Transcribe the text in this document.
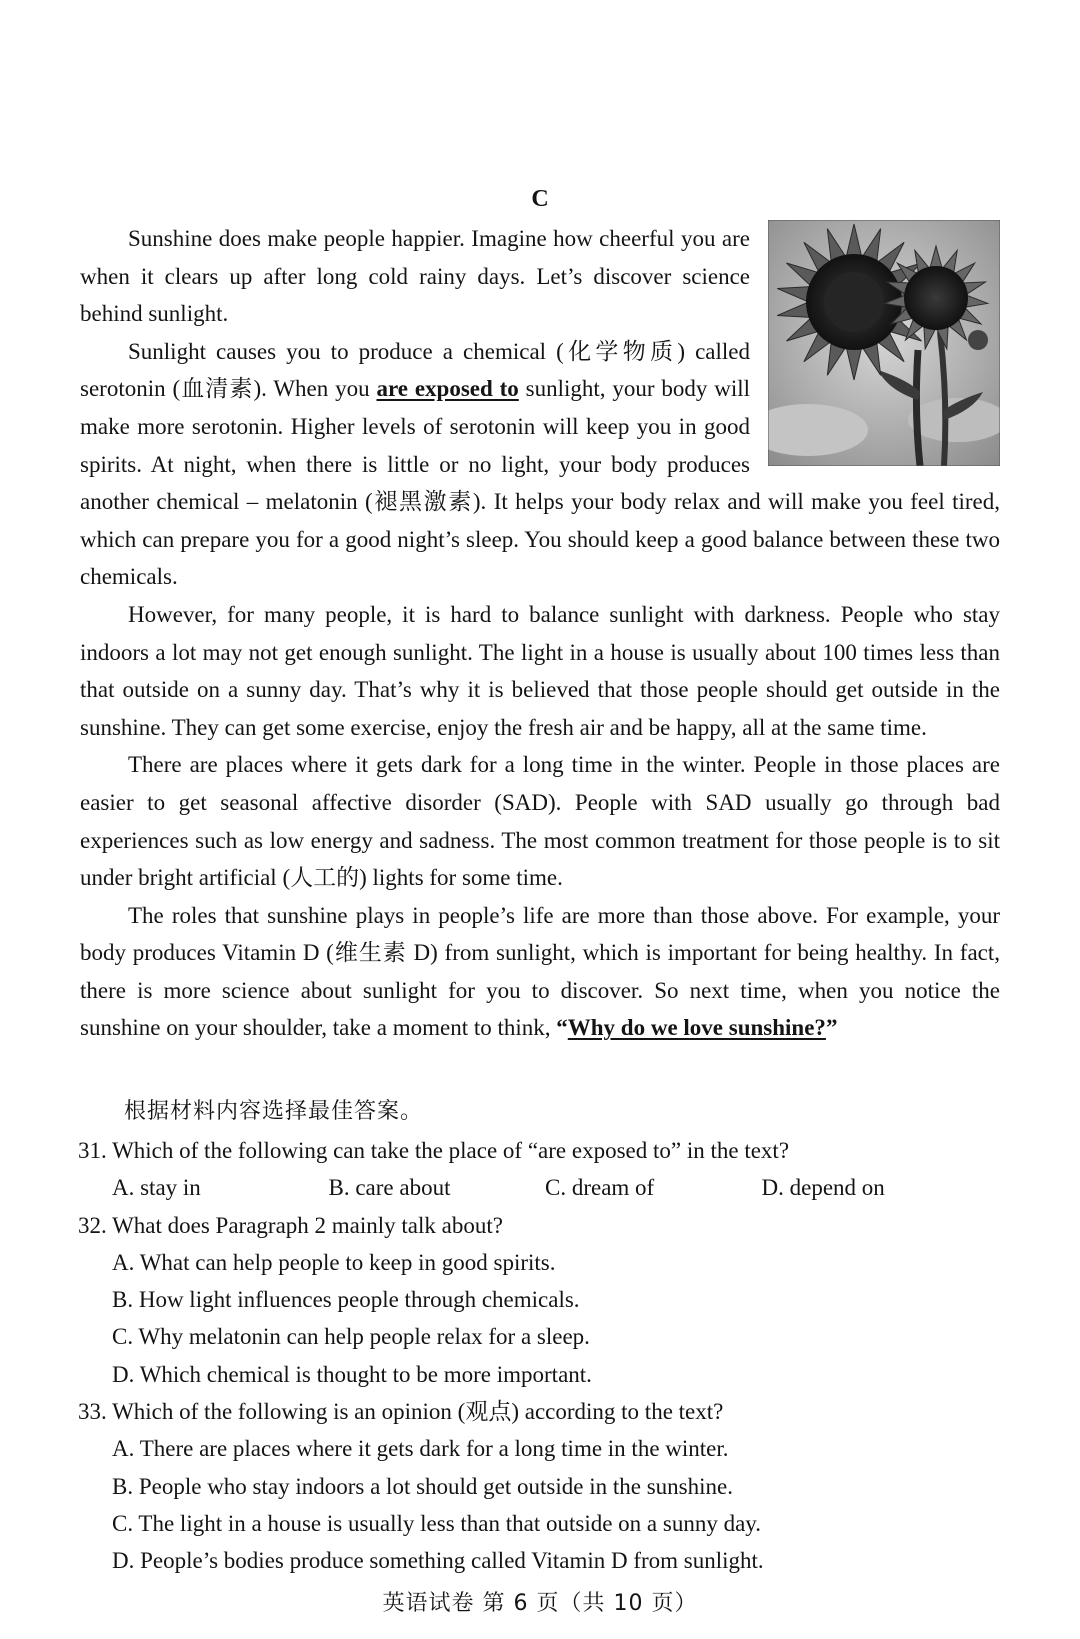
C

Sunshine does make people happier. Imagine how cheerful you are when it clears up after long cold rainy days. Let’s discover science behind sunlight.

Sunlight causes you to produce a chemical (化学物质) called serotonin (血清素). When you are exposed to sunlight, your body will make more serotonin. Higher levels of serotonin will keep you in good spirits. At night, when there is little or no light, your body produces another chemical – melatonin (褪黑激素). It helps your body relax and will make you feel tired, which can prepare you for a good night’s sleep. You should keep a good balance between these two chemicals.

However, for many people, it is hard to balance sunlight with darkness. People who stay indoors a lot may not get enough sunlight. The light in a house is usually about 100 times less than that outside on a sunny day. That’s why it is believed that those people should get outside in the sunshine. They can get some exercise, enjoy the fresh air and be happy, all at the same time.

There are places where it gets dark for a long time in the winter. People in those places are easier to get seasonal affective disorder (SAD). People with SAD usually go through bad experiences such as low energy and sadness. The most common treatment for those people is to sit under bright artificial (人工的) lights for some time.

The roles that sunshine plays in people’s life are more than those above. For example, your body produces Vitamin D (维生素 D) from sunlight, which is important for being healthy. In fact, there is more science about sunlight for you to discover. So next time, when you notice the sunshine on your shoulder, take a moment to think, “Why do we love sunshine?”

根据材料内容选择最佳答案。
31. Which of the following can take the place of “are exposed to” in the text?
A. stay in	B. care about	C. dream of	D. depend on
32. What does Paragraph 2 mainly talk about?
A. What can help people to keep in good spirits.
B. How light influences people through chemicals.
C. Why melatonin can help people relax for a sleep.
D. Which chemical is thought to be more important.
33. Which of the following is an opinion (观点) according to the text?
A. There are places where it gets dark for a long time in the winter.
B. People who stay indoors a lot should get outside in the sunshine.
C. The light in a house is usually less than that outside on a sunny day.
D. People’s bodies produce something called Vitamin D from sunlight.
英语试卷 第 6 页（共 10 页）
